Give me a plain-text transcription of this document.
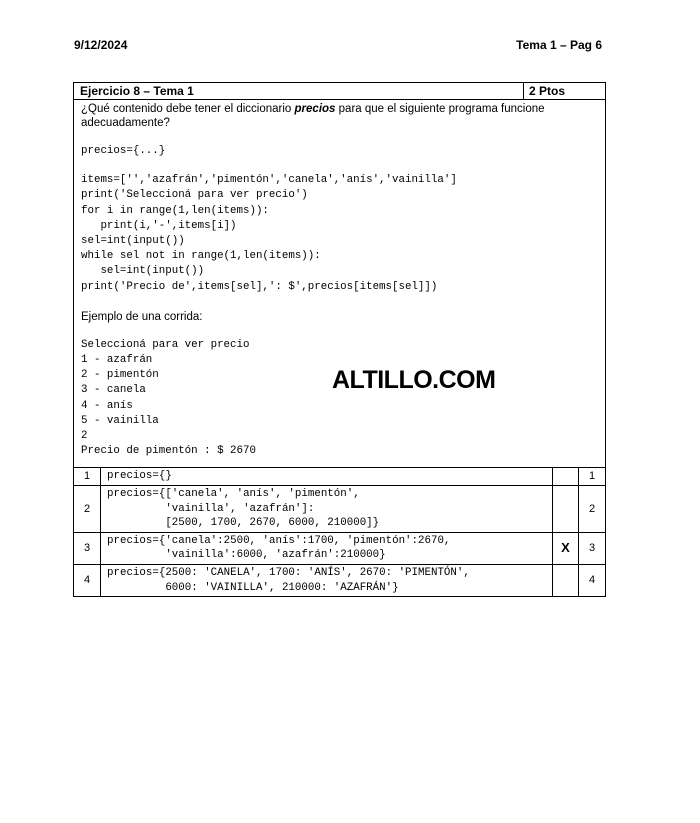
9/12/2024	Tema 1 – Pag 6
Ejercicio 8 – Tema 1	2 Ptos
¿Qué contenido debe tener el diccionario precios para que el siguiente programa funcione adecuadamente?
precios={...}
items=['','azafrán','pimentón','canela','anís','vainilla']
print('Seleccioná para ver precio')
for i in range(1,len(items)):
print(i,'-',items[i])
sel=int(input())
while sel not in range(1,len(items)):
sel=int(input())
print('Precio de',items[sel],': $',precios[items[sel]])
Ejemplo de una corrida:
Seleccioná para ver precio
1 - azafrán
2 - pimentón
3 - canela
4 - anís
5 - vainilla
2
Precio de pimentón : $ 2670
1	precios={}		1
2	precios={['canela', 'anís', 'pimentón',
'vainilla', 'azafrán']:
[2500, 1700, 2670, 6000, 210000]}		2
3	precios={'canela':2500, 'anís':1700, 'pimentón':2670,
'vainilla':6000, 'azafrán':210000}	X	3
4	precios={2500: 'CANELA', 1700: 'ANÍS', 2670: 'PIMENTÓN',
6000: 'VAINILLA', 210000: 'AZAFRÁN'}		4
ALTILLO.COM
